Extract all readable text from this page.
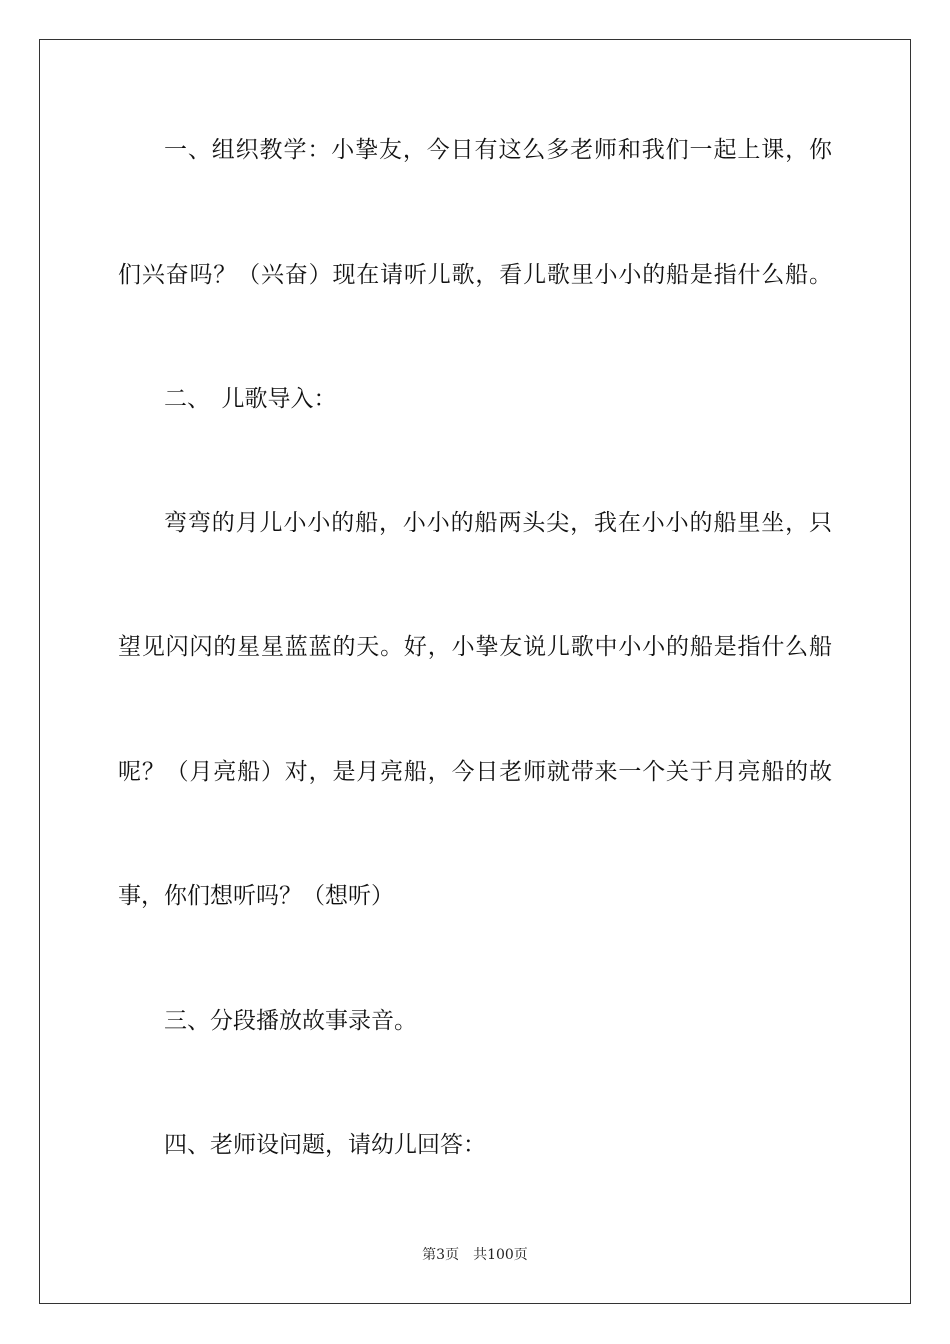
一、组织教学：小挚友，今日有这么多老师和我们一起上课，你
们兴奋吗？（兴奋）现在请听儿歌，看儿歌里小小的船是指什么船。
二、　儿歌导入：
弯弯的月儿小小的船，小小的船两头尖，我在小小的船里坐，只
望见闪闪的星星蓝蓝的天。好，小挚友说儿歌中小小的船是指什么船
呢？（月亮船）对，是月亮船，今日老师就带来一个关于月亮船的故
事，你们想听吗？（想听）
三、分段播放故事录音。
四、老师设问题，请幼儿回答：
第3页　共100页
